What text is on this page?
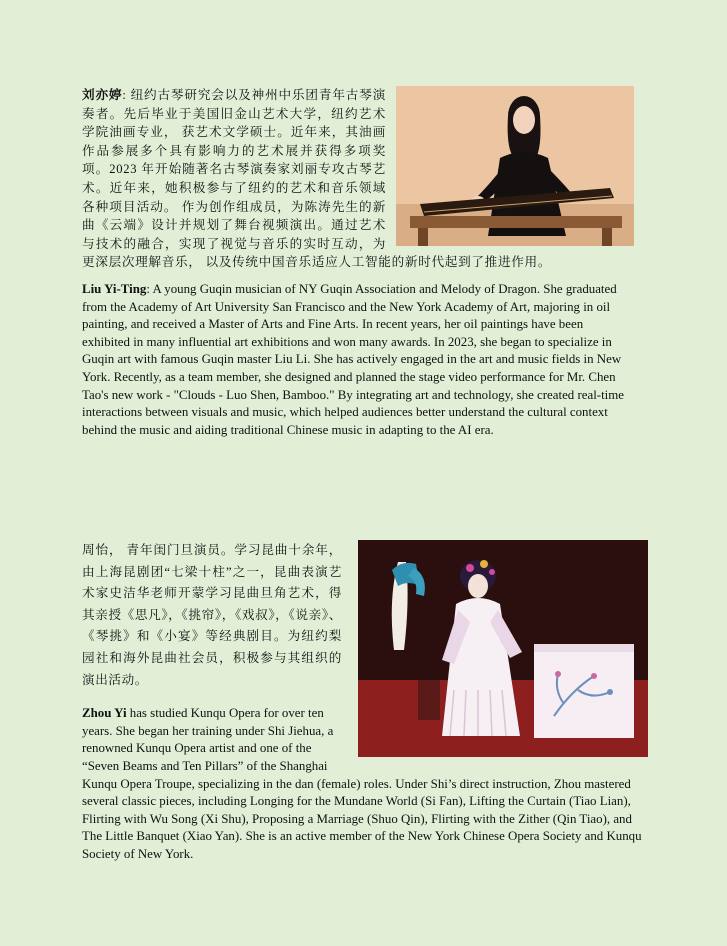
刘亦婷: 纽约古琴研究会以及神州中乐团青年古琴演奏者。先后毕业于美国旧金山艺术大学，纽约艺术学院油画专业， 获艺术文学硕士。近年来，其油画作品参展多个具有影响力的艺术展并获得多项奖项。2023 年开始随著名古琴演奏家刘丽专攻古琴艺术。近年来，她积极参与了纽约的艺术和音乐领域各种项目活动。 作为创作组成员，为陈涛先生的新曲《云端》设计并规划了舞台视频演出。通过艺术与技术的融合，实现了视觉与音乐的实时互动，为更深层次理解音乐， 以及传统中国音乐适应人工智能的新时代起到了推进作用。

Liu Yi-Ting: A young Guqin musician of NY Guqin Association and Melody of Dragon. She graduated from the Academy of Art University San Francisco and the New York Academy of Art, majoring in oil painting, and received a Master of Arts and Fine Arts. In recent years, her oil paintings have been exhibited in many influential art exhibitions and won many awards. In 2023, she began to specialize in Guqin art with famous Guqin master Liu Li. She has actively engaged in the art and music fields in New York. Recently, as a team member, she designed and planned the stage video performance for Mr. Chen Tao's new work - "Clouds - Luo Shen, Bamboo." By integrating art and technology, she created real-time interactions between visuals and music, which helped audiences better understand the cultural context behind the music and aiding traditional Chinese music in adapting to the AI era.

周怡， 青年闺门旦演员。学习昆曲十余年，由上海昆剧团“七梁十柱”之一，昆曲表演艺术家史洁华老师开蒙学习昆曲旦角艺术，得其亲授《思凡》，《挑帘》，《戏叔》，《说亲》、《琴挑》和《小宴》等经典剧目。为纽约梨园社和海外昆曲社会员，积极参与其组织的演出活动。

Zhou Yi has studied Kunqu Opera for over ten years. She began her training under Shi Jiehua, a renowned Kunqu Opera artist and one of the “Seven Beams and Ten Pillars” of the Shanghai Kunqu Opera Troupe, specializing in the dan (female) roles. Under Shi’s direct instruction, Zhou mastered several classic pieces, including Longing for the Mundane World (Si Fan), Lifting the Curtain (Tiao Lian), Flirting with Wu Song (Xi Shu), Proposing a Marriage (Shuo Qin), Flirting with the Zither (Qin Tiao), and The Little Banquet (Xiao Yan). She is an active member of the New York Chinese Opera Society and Kunqu Society of New York.
